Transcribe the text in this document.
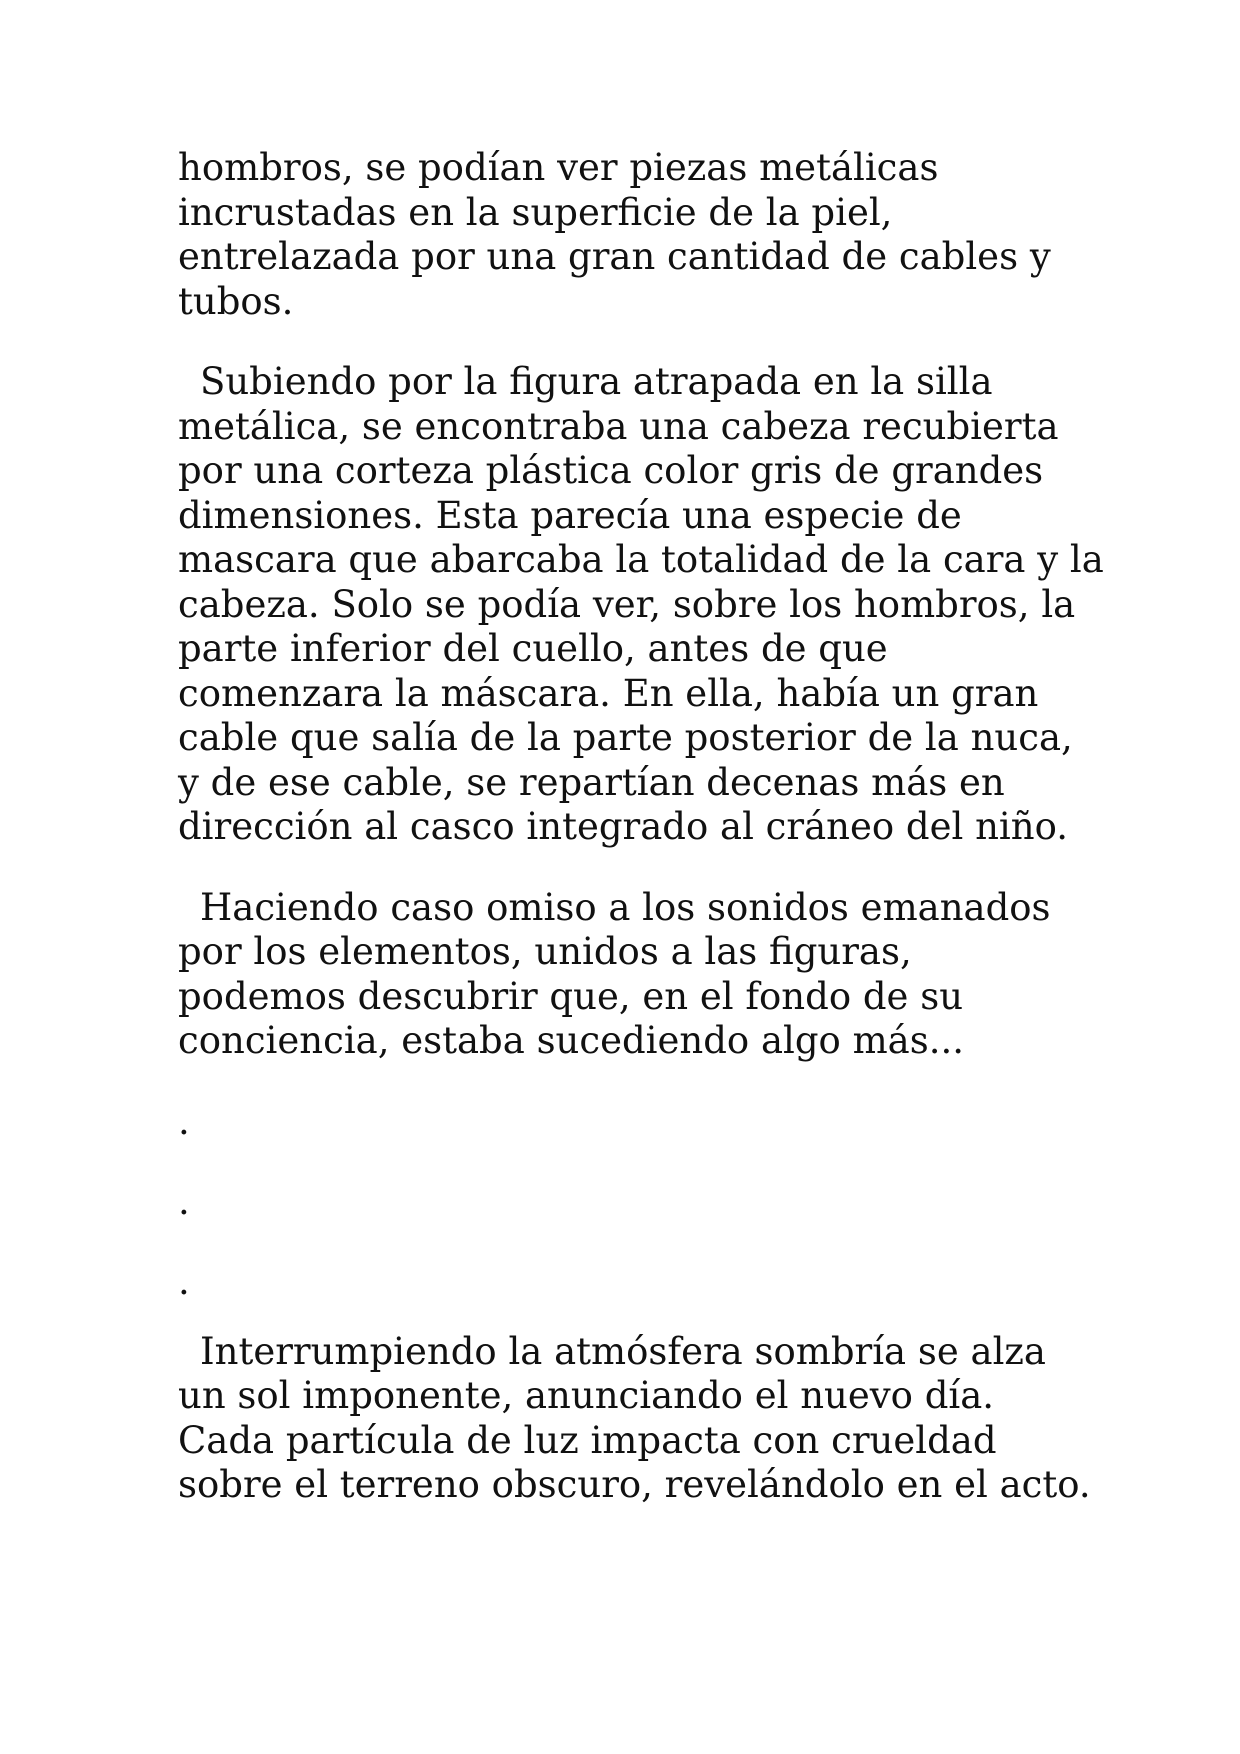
hombros, se podían ver piezas metálicas
incrustadas en la superficie de la piel,
entrelazada por una gran cantidad de cables y
tubos.

Subiendo por la figura atrapada en la silla
metálica, se encontraba una cabeza recubierta
por una corteza plástica color gris de grandes
dimensiones. Esta parecía una especie de
mascara que abarcaba la totalidad de la cara y la
cabeza. Solo se podía ver, sobre los hombros, la
parte inferior del cuello, antes de que
comenzara la máscara. En ella, había un gran
cable que salía de la parte posterior de la nuca,
y de ese cable, se repartían decenas más en
dirección al casco integrado al cráneo del niño.

Haciendo caso omiso a los sonidos emanados
por los elementos, unidos a las figuras,
podemos descubrir que, en el fondo de su
conciencia, estaba sucediendo algo más...

.
.
.

Interrumpiendo la atmósfera sombría se alza
un sol imponente, anunciando el nuevo día.
Cada partícula de luz impacta con crueldad
sobre el terreno obscuro, revelándolo en el acto.
